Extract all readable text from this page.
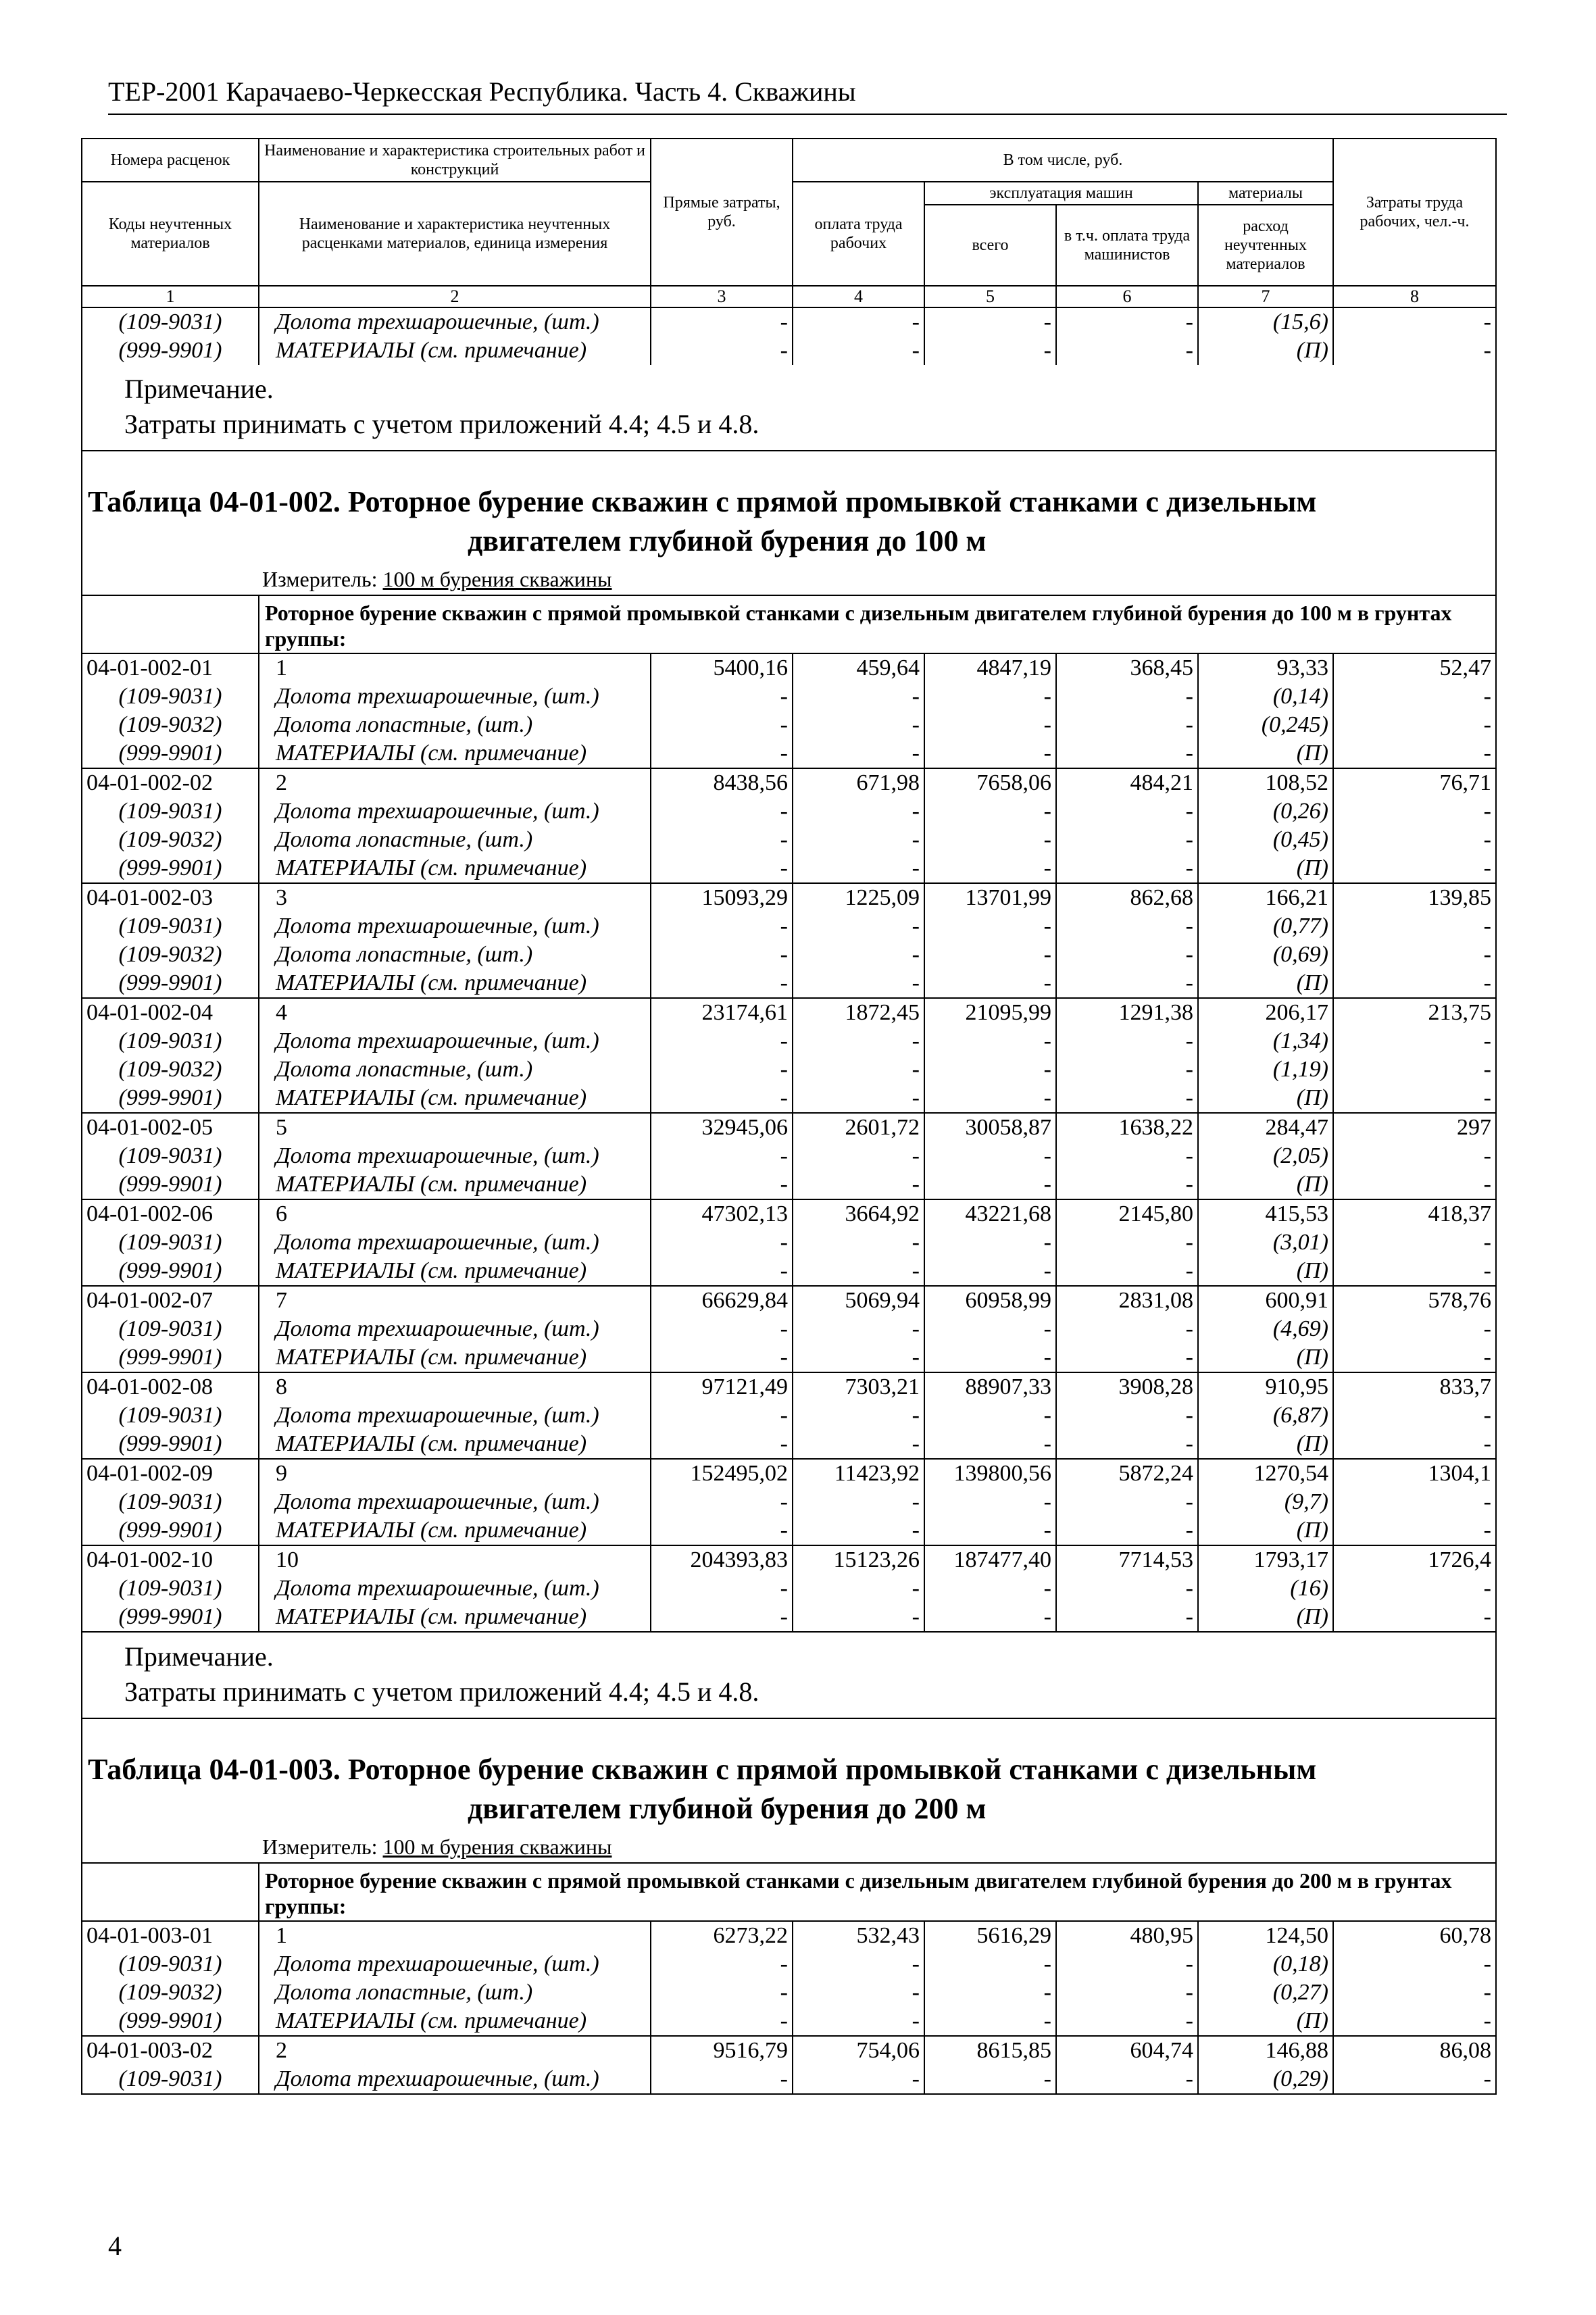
ТЕР-2001 Карачаево-Черкесская Республика. Часть 4. Скважины
Номера расценок	Наименование и характеристика строительных работ и конструкций	Прямые затраты, руб.	В том числе, руб.				Затраты труда рабочих, чел.-ч.
Коды неучтенных материалов	Наименование и характеристика неучтенных расценками материалов, единица измерения		оплата труда рабочих	эксплуатация машин		материалы	
				всего	в т.ч. оплата труда машинистов	расход неучтенных материалов	
1	2	3	4	5	6	7	8
(109-9031)	Долота трехшарошечные, (шт.)	-	-	-	-	(15,6)	-
(999-9901)	МАТЕРИАЛЫ (см. примечание)	-	-	-	-	(П)	-

Примечание.
Затраты принимать с учетом приложений 4.4; 4.5 и 4.8.							

Таблица 04-01-002. Роторное бурение скважин с прямой промывкой станками с дизельным
двигателем глубиной бурения до 100 м							

Измеритель: 100 м бурения скважины							
	Роторное бурение скважин с прямой промывкой станками с дизельным двигателем глубиной бурения до 100 м в грунтах группы:						
04-01-002-01	1	5400,16	459,64	4847,19	368,45	93,33	52,47
(109-9031)	Долота трехшарошечные, (шт.)	-	-	-	-	(0,14)	-
(109-9032)	Долота лопастные, (шт.)	-	-	-	-	(0,245)	-
(999-9901)	МАТЕРИАЛЫ (см. примечание)	-	-	-	-	(П)	-
04-01-002-02	2	8438,56	671,98	7658,06	484,21	108,52	76,71
(109-9031)	Долота трехшарошечные, (шт.)	-	-	-	-	(0,26)	-
(109-9032)	Долота лопастные, (шт.)	-	-	-	-	(0,45)	-
(999-9901)	МАТЕРИАЛЫ (см. примечание)	-	-	-	-	(П)	-
04-01-002-03	3	15093,29	1225,09	13701,99	862,68	166,21	139,85
(109-9031)	Долота трехшарошечные, (шт.)	-	-	-	-	(0,77)	-
(109-9032)	Долота лопастные, (шт.)	-	-	-	-	(0,69)	-
(999-9901)	МАТЕРИАЛЫ (см. примечание)	-	-	-	-	(П)	-
04-01-002-04	4	23174,61	1872,45	21095,99	1291,38	206,17	213,75
(109-9031)	Долота трехшарошечные, (шт.)	-	-	-	-	(1,34)	-
(109-9032)	Долота лопастные, (шт.)	-	-	-	-	(1,19)	-
(999-9901)	МАТЕРИАЛЫ (см. примечание)	-	-	-	-	(П)	-
04-01-002-05	5	32945,06	2601,72	30058,87	1638,22	284,47	297
(109-9031)	Долота трехшарошечные, (шт.)	-	-	-	-	(2,05)	-
(999-9901)	МАТЕРИАЛЫ (см. примечание)	-	-	-	-	(П)	-
04-01-002-06	6	47302,13	3664,92	43221,68	2145,80	415,53	418,37
(109-9031)	Долота трехшарошечные, (шт.)	-	-	-	-	(3,01)	-
(999-9901)	МАТЕРИАЛЫ (см. примечание)	-	-	-	-	(П)	-
04-01-002-07	7	66629,84	5069,94	60958,99	2831,08	600,91	578,76
(109-9031)	Долота трехшарошечные, (шт.)	-	-	-	-	(4,69)	-
(999-9901)	МАТЕРИАЛЫ (см. примечание)	-	-	-	-	(П)	-
04-01-002-08	8	97121,49	7303,21	88907,33	3908,28	910,95	833,7
(109-9031)	Долота трехшарошечные, (шт.)	-	-	-	-	(6,87)	-
(999-9901)	МАТЕРИАЛЫ (см. примечание)	-	-	-	-	(П)	-
04-01-002-09	9	152495,02	11423,92	139800,56	5872,24	1270,54	1304,1
(109-9031)	Долота трехшарошечные, (шт.)	-	-	-	-	(9,7)	-
(999-9901)	МАТЕРИАЛЫ (см. примечание)	-	-	-	-	(П)	-
04-01-002-10	10	204393,83	15123,26	187477,40	7714,53	1793,17	1726,4
(109-9031)	Долота трехшарошечные, (шт.)	-	-	-	-	(16)	-
(999-9901)	МАТЕРИАЛЫ (см. примечание)	-	-	-	-	(П)	-

Примечание.
Затраты принимать с учетом приложений 4.4; 4.5 и 4.8.							

Таблица 04-01-003. Роторное бурение скважин с прямой промывкой станками с дизельным
двигателем глубиной бурения до 200 м							

Измеритель: 100 м бурения скважины							
	Роторное бурение скважин с прямой промывкой станками с дизельным двигателем глубиной бурения до 200 м в грунтах группы:						
04-01-003-01	1	6273,22	532,43	5616,29	480,95	124,50	60,78
(109-9031)	Долота трехшарошечные, (шт.)	-	-	-	-	(0,18)	-
(109-9032)	Долота лопастные, (шт.)	-	-	-	-	(0,27)	-
(999-9901)	МАТЕРИАЛЫ (см. примечание)	-	-	-	-	(П)	-
04-01-003-02	2	9516,79	754,06	8615,85	604,74	146,88	86,08
(109-9031)	Долота трехшарошечные, (шт.)	-	-	-	-	(0,29)	-
4
